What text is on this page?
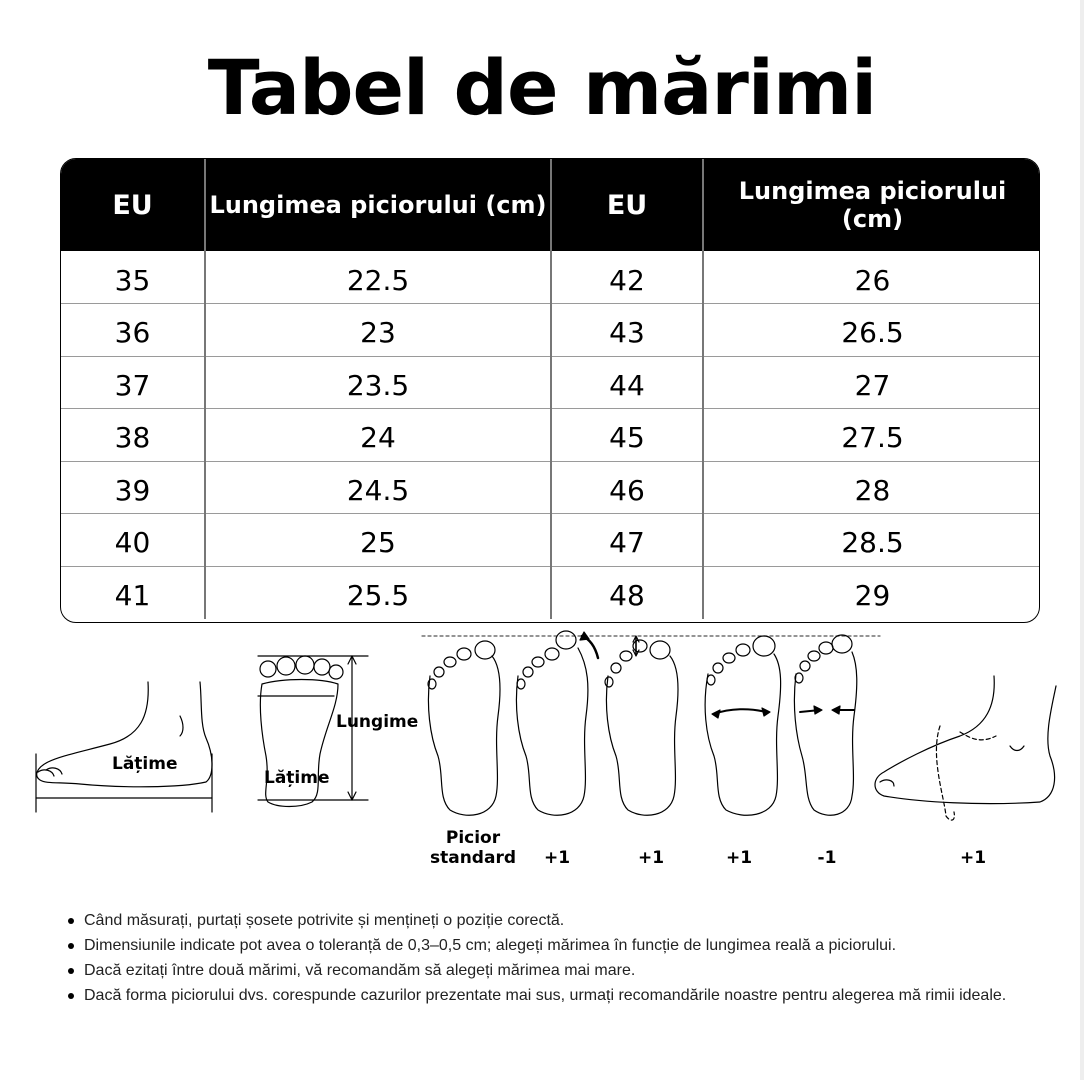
Tabel de mărimi
EU	Lungimea piciorului (cm)	EU	Lungimea piciorului (cm)
35	22.5	42	26
36	23	43	26.5
37	23.5	44	27
38	24	45	27.5
39	24.5	46	28
40	25	47	28.5
41	25.5	48	29
Lățime
Lungime
Lățime
Picior
standard	+1	+1	+1	-1	+1
Când măsurați, purtați șosete potrivite și mențineți o poziție corectă.
Dimensiunile indicate pot avea o toleranță de 0,3–0,5 cm; alegeți mărimea în funcție de lungimea reală a piciorului.
Dacă ezitați între două mărimi, vă recomandăm să alegeți mărimea mai mare.
Dacă forma piciorului dvs. corespunde cazurilor prezentate mai sus, urmați recomandările noastre pentru alegerea mă rimii ideale.
